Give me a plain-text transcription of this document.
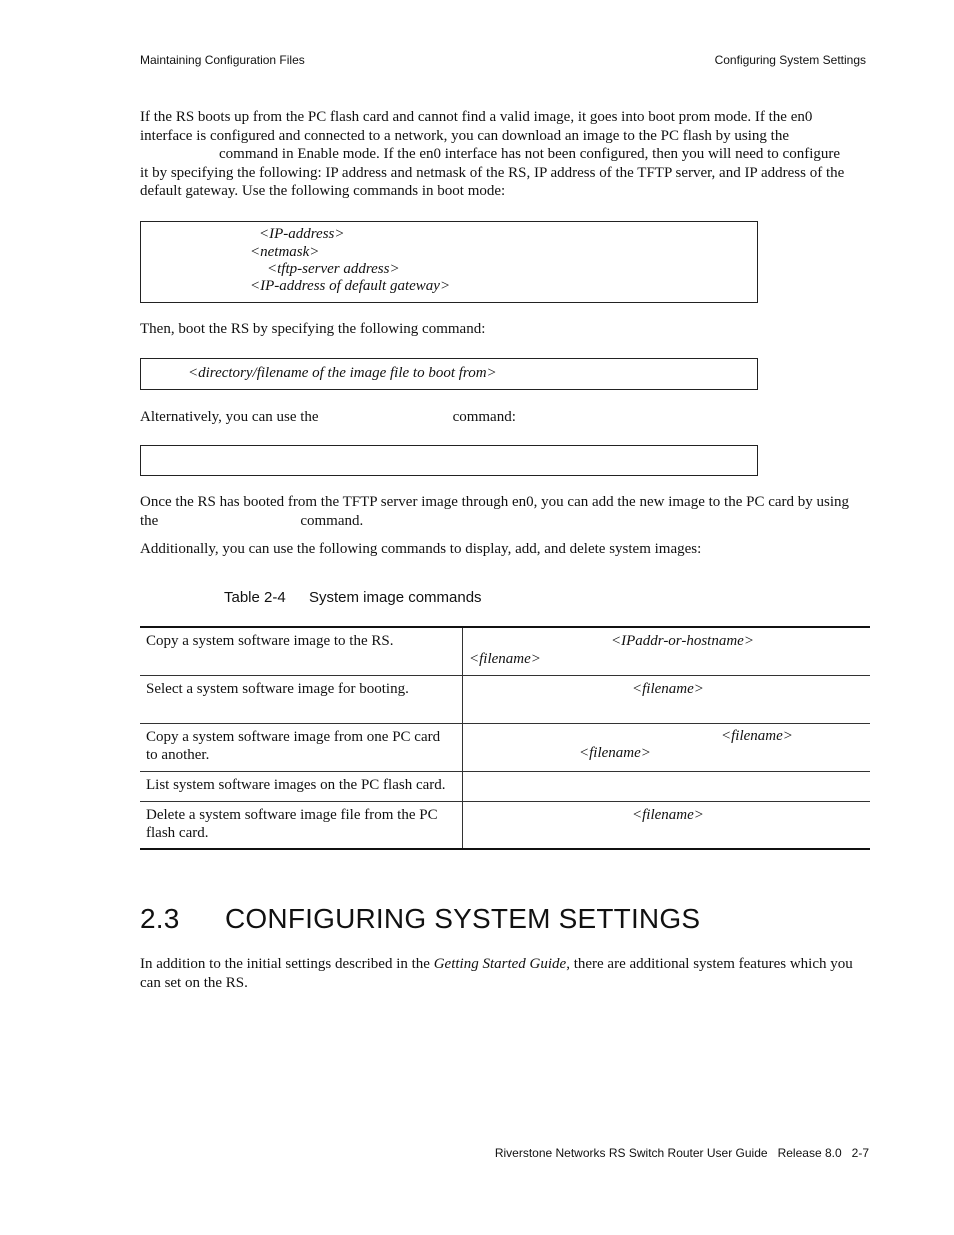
Maintaining Configuration Files	Configuring System Settings

If the RS boots up from the PC flash card and cannot find a valid image, it goes into boot prom mode. If the en0
interface is configured and connected to a network, you can download an image to the PC flash by using the
command in Enable mode. If the en0 interface has not been configured, then you will need to configure
it by specifying the following: IP address and netmask of the RS, IP address of the TFTP server, and IP address of the
default gateway. Use the following commands in boot mode:

<IP-address>
<netmask>
<tftp-server address>
<IP-address of default gateway>

Then, boot the RS by specifying the following command:

<directory/filename of the image file to boot from>

Alternatively, you can use the	command:

Once the RS has booted from the TFTP server image through en0, you can add the new image to the PC card by using
the	command.

Additionally, you can use the following commands to display, add, and delete system images:

Table 2-4 System image commands
Copy a system software image to the RS.	<IPaddr-or-hostname>
<filename>

Select a system software image for booting.	<filename>

Copy a system software image from one PC card
to another.	<filename>
<filename>

List system software images on the PC flash card.	
Delete a system software image file from the PC
flash card.	<filename>
2.3 CONFIGURING SYSTEM SETTINGS

In addition to the initial settings described in the Getting Started Guide, there are additional system features which you
can set on the RS.

Riverstone Networks RS Switch Router User Guide Release 8.0 2-7
